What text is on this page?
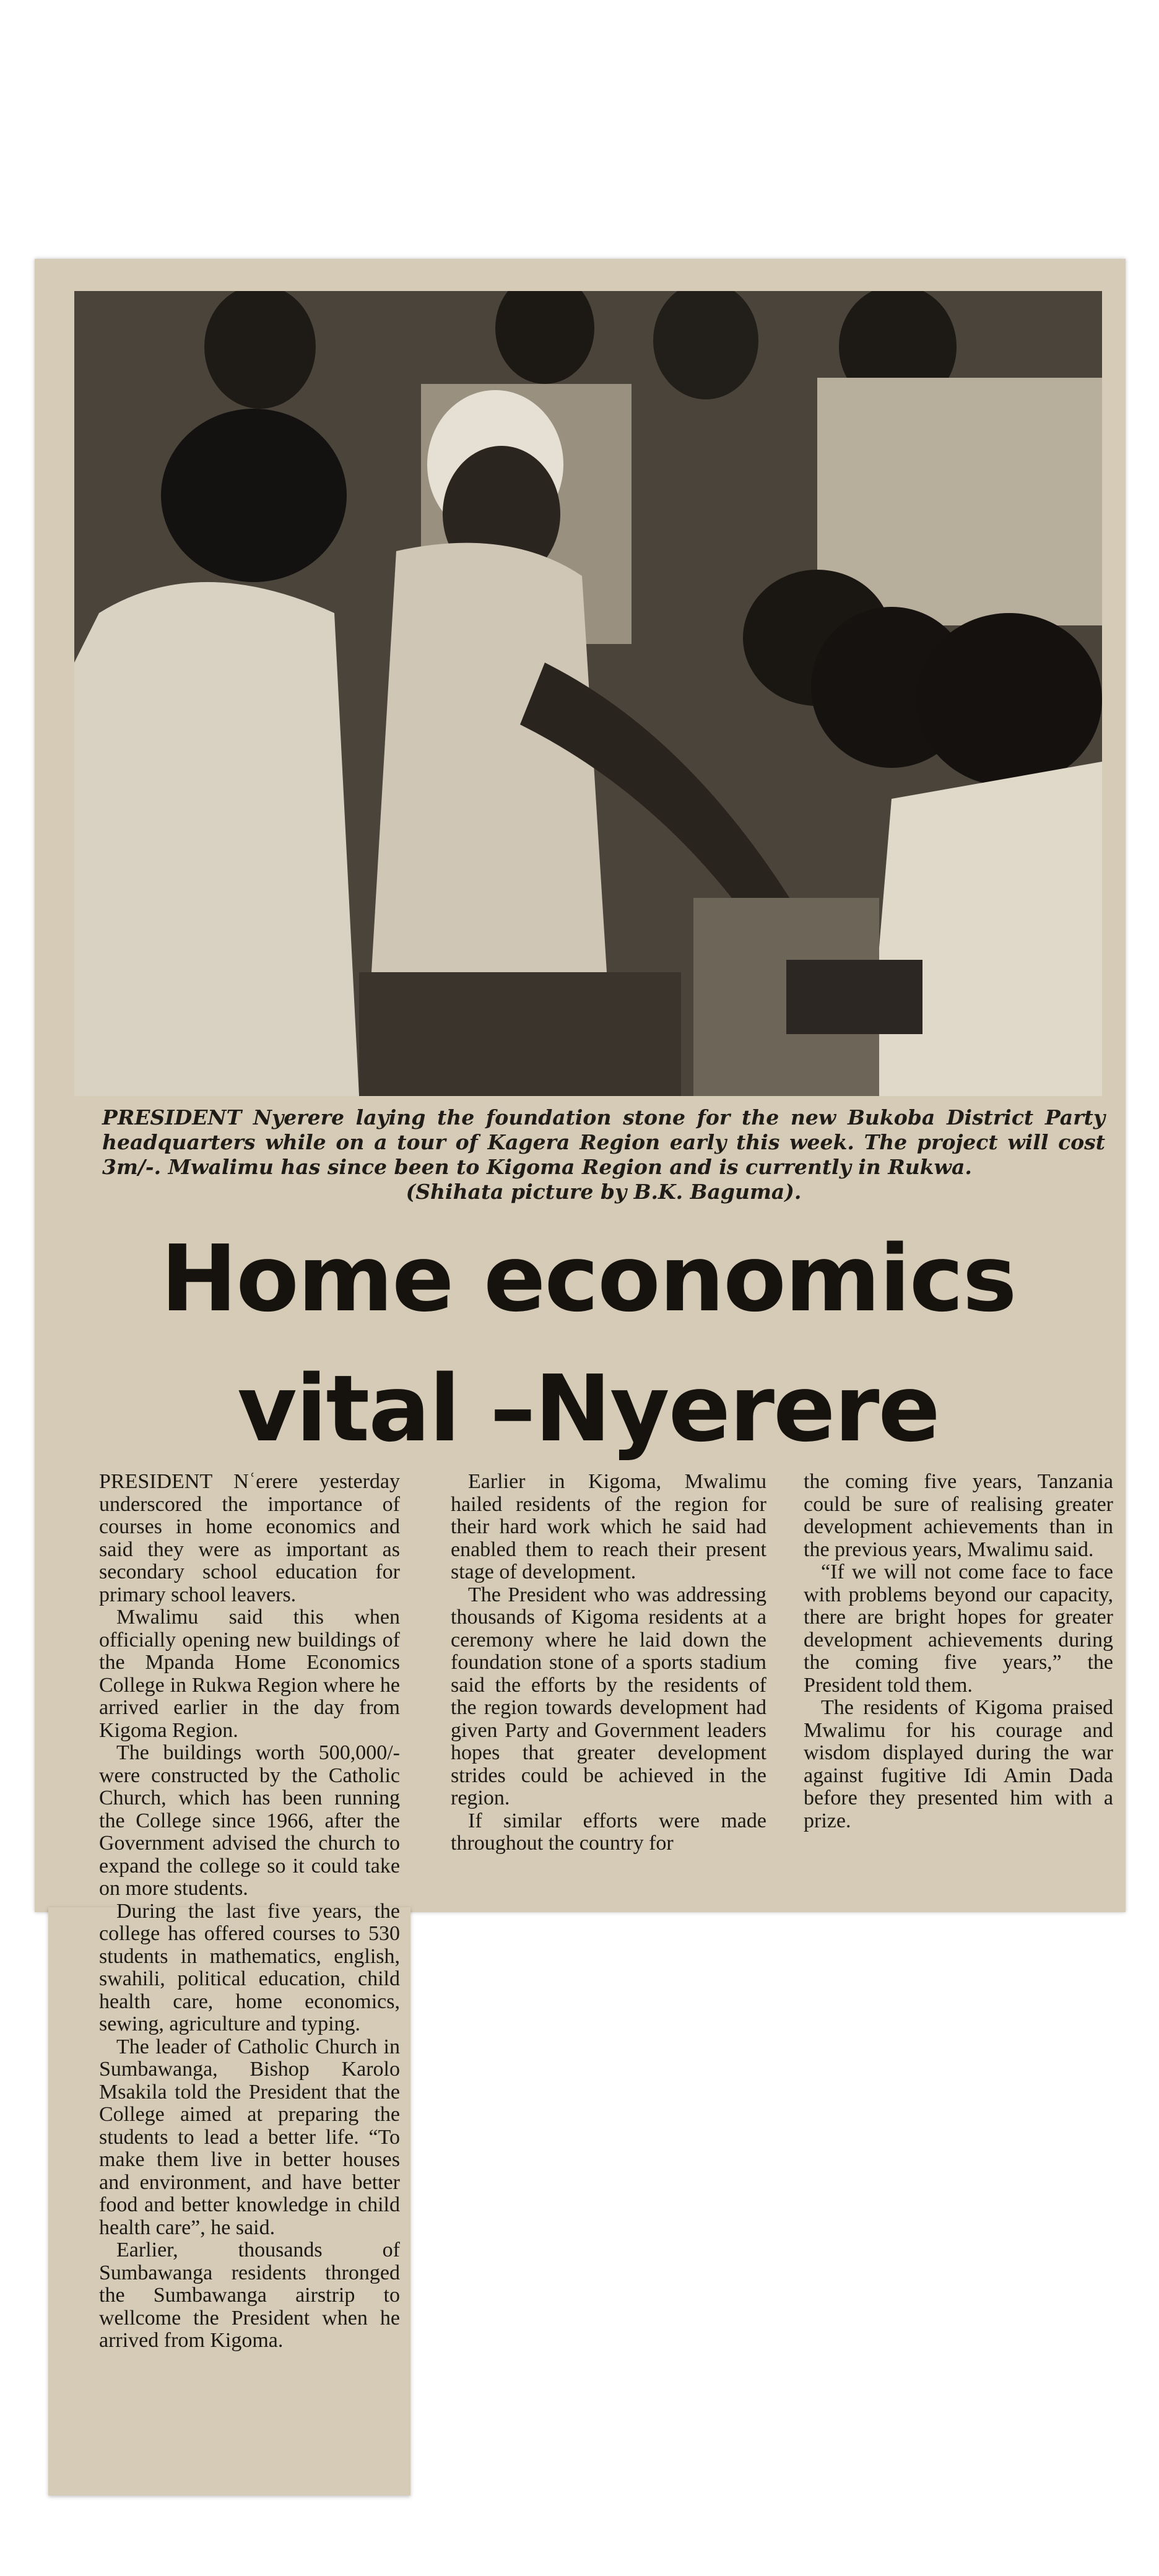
PRESIDENT Nyerere laying the foundation stone for the new Bukoba District Party headquarters while on a tour of Kagera Region early this week. The project will cost 3m/-. Mwalimu has since been to Kigoma Region and is currently in Rukwa.
(Shihata picture by B.K. Baguma).
Home economics
vital –Nyerere

PRESIDENT Nʿerere yesterday underscored the importance of courses in home economics and said they were as important as secondary school education for primary school leavers.

Mwalimu said this when officially opening new buildings of the Mpanda Home Economics College in Rukwa Region where he arrived earlier in the day from Kigoma Region.

The buildings worth 500,000/- were constructed by the Catholic Church, which has been running the College since 1966, after the Government advised the church to expand the college so it could take on more students.

During the last five years, the college has offered courses to 530 students in mathematics, english, swahili, political education, child health care, home economics, sewing, agriculture and typing.

The leader of Catholic Church in Sumbawanga, Bishop Karolo Msakila told the President that the College aimed at preparing the students to lead a better life. “To make them live in better houses and environment, and have better food and better knowledge in child health care”, he said.

Earlier, thousands of Sumbawanga residents thronged the Sumbawanga airstrip to wellcome the President when he arrived from Kigoma.

Earlier in Kigoma, Mwalimu hailed residents of the region for their hard work which he said had enabled them to reach their present stage of development.

The President who was addressing thousands of Kigoma residents at a ceremony where he laid down the foundation stone of a sports stadium said the efforts by the residents of the region towards development had given Party and Government leaders hopes that greater development strides could be achieved in the region.

If similar efforts were made throughout the country for

the coming five years, Tanzania could be sure of realising greater development achievements than in the previous years, Mwalimu said.

“If we will not come face to face with problems beyond our capacity, there are bright hopes for greater development achievements during the coming five years,” the President told them.

The residents of Kigoma praised Mwalimu for his courage and wisdom displayed during the war against fugitive Idi Amin Dada before they presented him with a prize.
